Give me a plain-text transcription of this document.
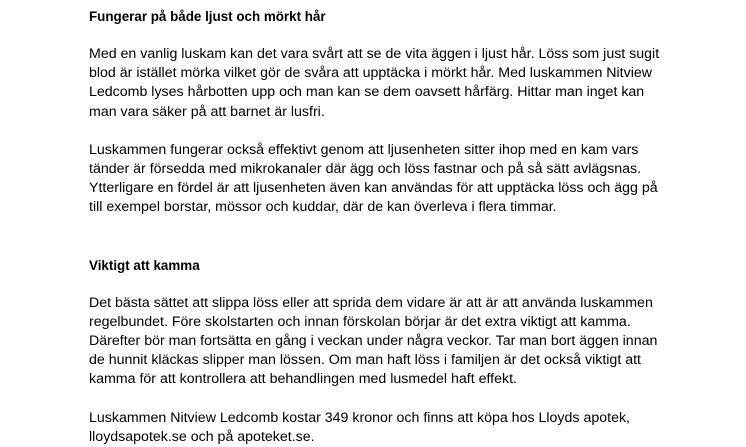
Fungerar på både ljust och mörkt hår

Med en vanlig luskam kan det vara svårt att se de vita äggen i ljust hår. Löss som just sugit
blod är istället mörka vilket gör de svåra att upptäcka i mörkt hår. Med luskammen Nitview
Ledcomb lyses hårbotten upp och man kan se dem oavsett hårfärg. Hittar man inget kan
man vara säker på att barnet är lusfri.

Luskammen fungerar också effektivt genom att ljusenheten sitter ihop med en kam vars
tänder är försedda med mikrokanaler där ägg och löss fastnar och på så sätt avlägsnas.
Ytterligare en fördel är att ljusenheten även kan användas för att upptäcka löss och ägg på
till exempel borstar, mössor och kuddar, där de kan överleva i flera timmar.

Viktigt att kamma

Det bästa sättet att slippa löss eller att sprida dem vidare är att är att använda luskammen
regelbundet. Före skolstarten och innan förskolan börjar är det extra viktigt att kamma.
Därefter bör man fortsätta en gång i veckan under några veckor. Tar man bort äggen innan
de hunnit kläckas slipper man lössen. Om man haft löss i familjen är det också viktigt att
kamma för att kontrollera att behandlingen med lusmedel haft effekt.

Luskammen Nitview Ledcomb kostar 349 kronor och finns att köpa hos Lloyds apotek,
lloydsapotek.se och på apoteket.se.
